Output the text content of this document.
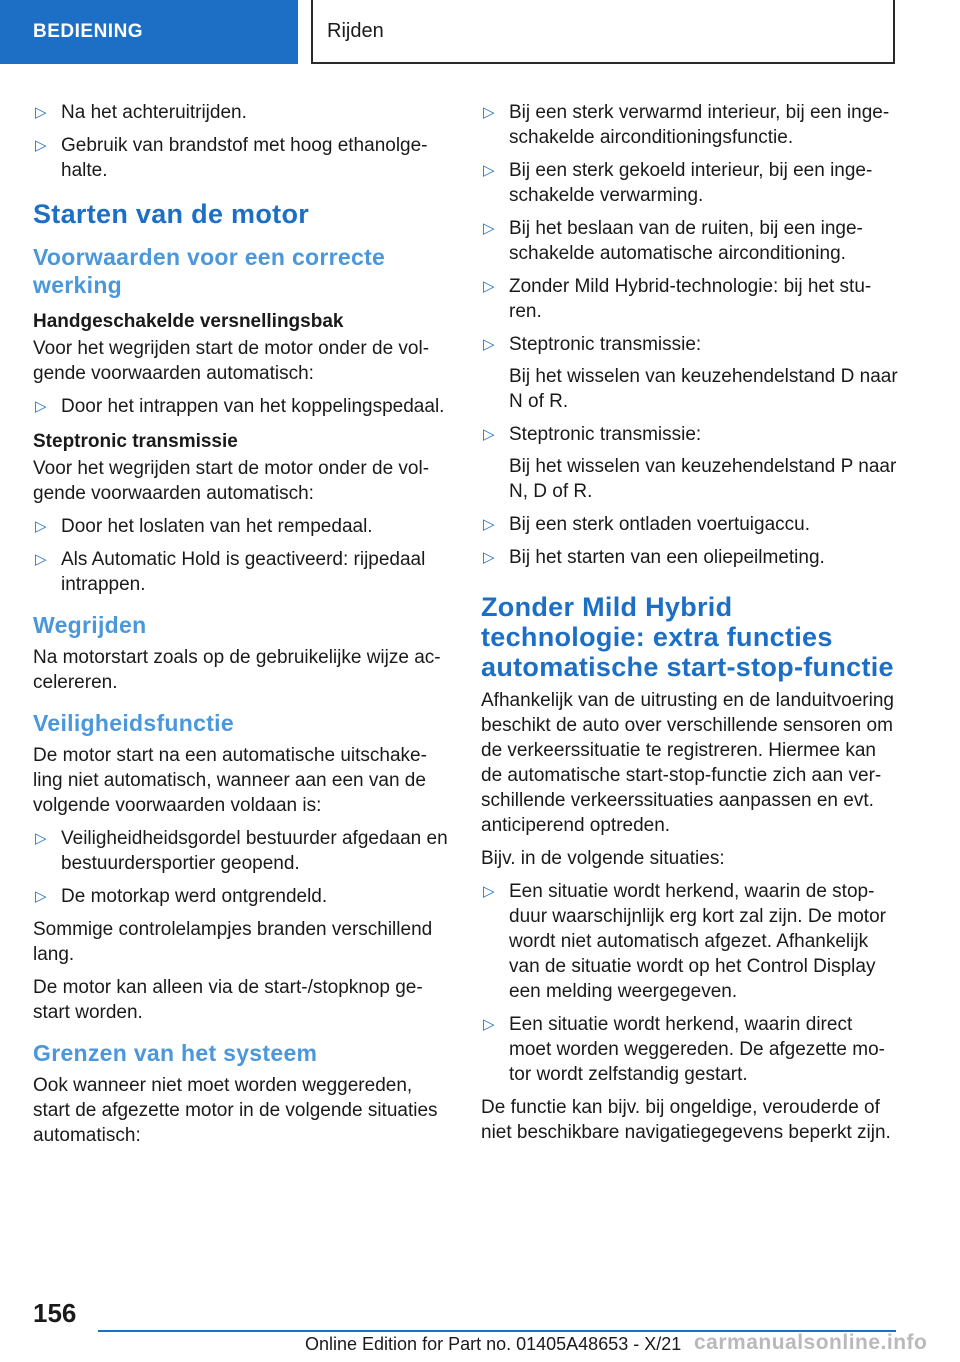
BEDIENING	Rijden
▷ Na het achteruitrijden.
▷ Gebruik van brandstof met hoog ethanolge-halte.
Starten van de motor
Voorwaarden voor een correcte werking
Handgeschakelde versnellingsbak

Voor het wegrijden start de motor onder de vol-gende voorwaarden automatisch:

▷ Door het intrappen van het koppelingspedaal.
Steptronic transmissie

Voor het wegrijden start de motor onder de vol-gende voorwaarden automatisch:

▷ Door het loslaten van het rempedaal.
▷ Als Automatic Hold is geactiveerd: rijpedaal intrappen.
Wegrijden

Na motorstart zoals op de gebruikelijke wijze ac-celereren.

Veiligheidsfunctie

De motor start na een automatische uitschake-ling niet automatisch, wanneer aan een van de volgende voorwaarden voldaan is:

▷ Veiligheidheidsgordel bestuurder afgedaan en bestuurdersportier geopend.
▷ De motorkap werd ontgrendeld.

Sommige controlelampjes branden verschillend lang.

De motor kan alleen via de start-/stopknop ge-start worden.

Grenzen van het systeem

Ook wanneer niet moet worden weggereden, start de afgezette motor in de volgende situaties automatisch:

▷ Bij een sterk verwarmd interieur, bij een inge-schakelde airconditioningsfunctie.
▷ Bij een sterk gekoeld interieur, bij een inge-schakelde verwarming.
▷ Bij het beslaan van de ruiten, bij een inge-schakelde automatische airconditioning.
▷ Zonder Mild Hybrid-technologie: bij het stu-ren.
▷ Steptronic transmissie:

Bij het wisselen van keuzehendelstand D naar N of R.

▷ Steptronic transmissie:

Bij het wisselen van keuzehendelstand P naar N, D of R.

▷ Bij een sterk ontladen voertuigaccu.
▷ Bij het starten van een oliepeilmeting.
Zonder Mild Hybrid technologie: extra functies automatische start-stop-functie

Afhankelijk van de uitrusting en de landuitvoering beschikt de auto over verschillende sensoren om de verkeerssituatie te registreren. Hiermee kan de automatische start-stop-functie zich aan ver-schillende verkeerssituaties aanpassen en evt. anticiperend optreden.

Bijv. in de volgende situaties:

▷ Een situatie wordt herkend, waarin de stop-duur waarschijnlijk erg kort zal zijn. De motor wordt niet automatisch afgezet. Afhankelijk van de situatie wordt op het Control Display een melding weergegeven.
▷ Een situatie wordt herkend, waarin direct moet worden weggereden. De afgezette mo-tor wordt zelfstandig gestart.

De functie kan bijv. bij ongeldige, verouderde of niet beschikbare navigatiegegevens beperkt zijn.

156
Online Edition for Part no. 01405A48653 - X/21 carmanualsonline.info
